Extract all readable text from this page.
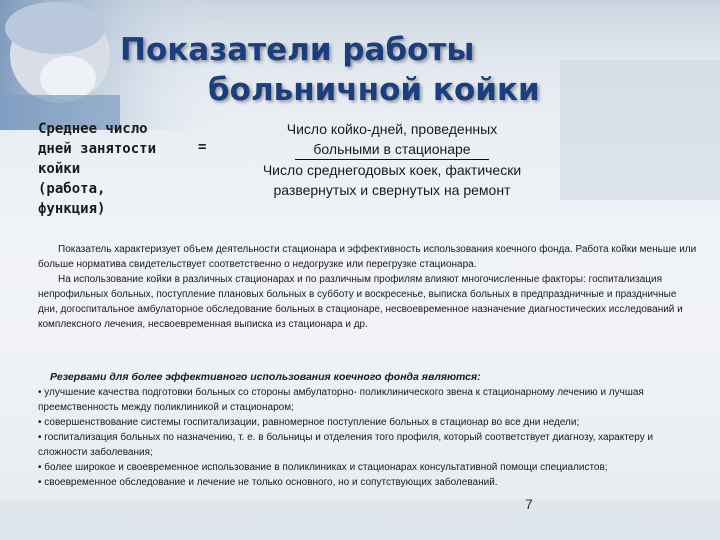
Показатели работы
больничной койки
Среднее число
дней занятости
койки
(работа,
функция)
=
Число койко-дней, проведенных
больными в стационаре
Число среднегодовых коек, фактически
развернутых и свернутых на ремонт

Показатель характеризует объем деятельности стационара и эффективность использования коечного фонда. Работа койки меньше или больше норматива свидетельствует соответственно о недогрузке или перегрузке стационара.

На использование койки в различных стационарах и по различным профилям влияют многочисленные факторы: госпитализация непрофильных больных, поступление плановых больных в субботу и воскресенье, выписка больных в предпраздничные и праздничные дни, догоспитальное амбулаторное обследование больных в стационаре, несвоевременное назначение диагностических исследований и комплексного лечения, несвоевременная выписка из стационара и др.

Резервами для более эффективного использования коечного фонда являются:

• улучшение качества подготовки больных со стороны амбулаторно- поликлинического звена к стационарному лечению и лучшая преемственность между поликлиникой и стационаром;

• совершенствование системы госпитализации, равномерное поступление больных в стационар во все дни недели;

• госпитализация больных по назначению, т. е. в больницы и отделения того профиля, который соответствует диагнозу, характеру и сложности заболевания;

• более широкое и своевременное использование в поликлиниках и стационарах консультативной помощи специалистов;

• своевременное обследование и лечение не только основного, но и сопутствующих заболеваний.

7
